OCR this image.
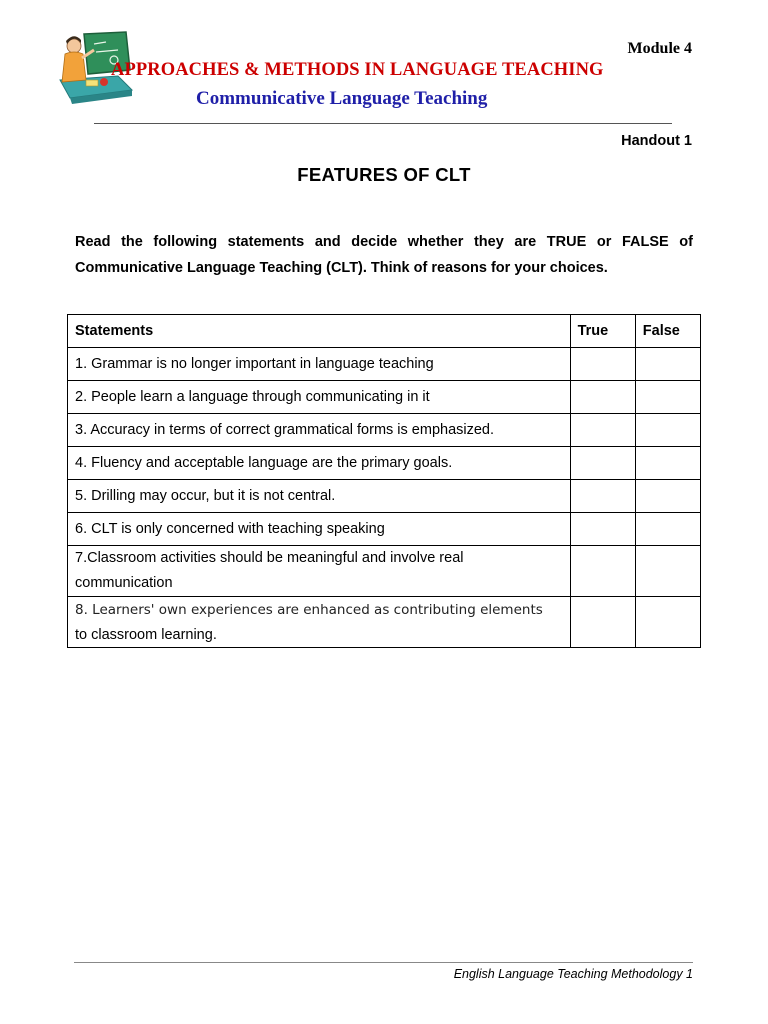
Module 4
APPROACHES & METHODS IN LANGUAGE TEACHING
Communicative Language Teaching
Handout 1
FEATURES OF CLT
Read the following statements and decide whether they are TRUE or FALSE of Communicative Language Teaching (CLT). Think of reasons for your choices.
Statements	True	False
1. Grammar is no longer important in language teaching		
2. People learn a language through communicating in it		
3. Accuracy in terms of correct grammatical forms is emphasized.		
4. Fluency and acceptable language are the primary goals.		
5. Drilling may occur, but it is not central.		
6. CLT is only concerned with teaching speaking		
7.Classroom activities should be meaningful and involve real communication		

8. Learners' own experiences are enhanced as contributing elements
to classroom learning.		

English Language Teaching Methodology 1
